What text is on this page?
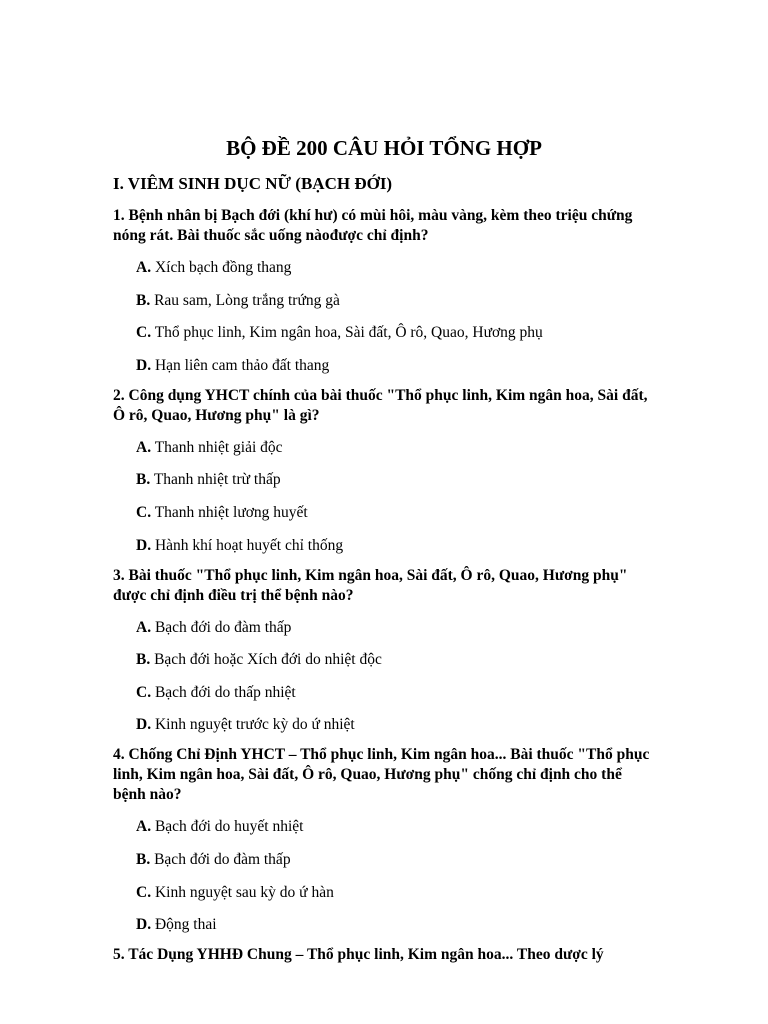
BỘ ĐỀ 200 CÂU HỎI TỔNG HỢP
I. VIÊM SINH DỤC NỮ (BẠCH ĐỚI)

1. Bệnh nhân bị Bạch đới (khí hư) có mùi hôi, màu vàng, kèm theo triệu chứng nóng rát. Bài thuốc sắc uống nàođược chỉ định?

A. Xích bạch đồng thang
B. Rau sam, Lòng trắng trứng gà
C. Thổ phục linh, Kim ngân hoa, Sài đất, Ô rô, Quao, Hương phụ
D. Hạn liên cam thảo đất thang

2. Công dụng YHCT chính của bài thuốc "Thổ phục linh, Kim ngân hoa, Sài đất, Ô rô, Quao, Hương phụ" là gì?

A. Thanh nhiệt giải độc
B. Thanh nhiệt trừ thấp
C. Thanh nhiệt lương huyết
D. Hành khí hoạt huyết chỉ thống

3. Bài thuốc "Thổ phục linh, Kim ngân hoa, Sài đất, Ô rô, Quao, Hương phụ" được chỉ định điều trị thể bệnh nào?

A. Bạch đới do đàm thấp
B. Bạch đới hoặc Xích đới do nhiệt độc
C. Bạch đới do thấp nhiệt
D. Kinh nguyệt trước kỳ do ứ nhiệt

4. Chống Chỉ Định YHCT – Thổ phục linh, Kim ngân hoa... Bài thuốc "Thổ phục linh, Kim ngân hoa, Sài đất, Ô rô, Quao, Hương phụ" chống chỉ định cho thể bệnh nào?

A. Bạch đới do huyết nhiệt
B. Bạch đới do đàm thấp
C. Kinh nguyệt sau kỳ do ứ hàn
D. Động thai

5. Tác Dụng YHHĐ Chung – Thổ phục linh, Kim ngân hoa... Theo dược lý
